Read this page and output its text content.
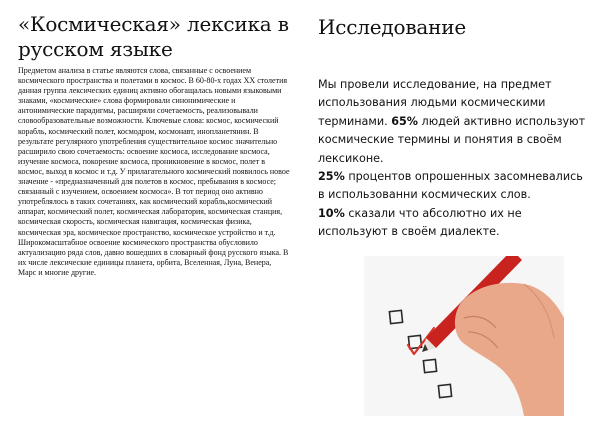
«Космическая» лексика в русском языке
Предметом анализа в статье являются слова, связанные с освоением космического пространства и полетами в космос. В 60-80-х годах XX столетия данная группа лексических единиц активно обогащалась новыми языковыми знаками, «космические» слова формировали синонимические и антонимические парадигмы, расширяли сочетаемость, реализовывали словообразовательные возможности. Ключевые слова: космос, космический корабль, космический полет, космодром, космонавт, инопланетянин. В результате регулярного употребления существительное космос значительно расширило свою сочетаемость: освоение космоса, исследование космоса, изучение космоса, покорение космоса, проникновение в космос, полет в космос, выход в космос и т.д. У прилагательного космический появилось новое значение - «предназначенный для полетов в космос, пребывания в космосе; связанный с изучением, освоением космоса». В тот период оно активно употреблялось в таких сочетаниях, как космический корабль,космический аппарат, космический полет, космическая лаборатория, космическая станция, космическая скорость, космическая навигация, космическая физика, космическая эра, космическое пространство, космическое устройство и т.д. Широкомасштабное освоение космического пространства обусловило актуализацию ряда слов, давно вошедших в словарный фонд русского языка. В их числе лексические единицы планета, орбита, Вселенная, Луна, Венера, Марс и многие другие.
Исследование

Мы провели исследование, на предмет использования людьми космическими терминами. 65% людей активно используют космические термины и понятия в своём лексиконе.

25% процентов опрошенных засомневались в использованни космических слов.

10% сказали что абсолютно их не используют в своём диалекте.
